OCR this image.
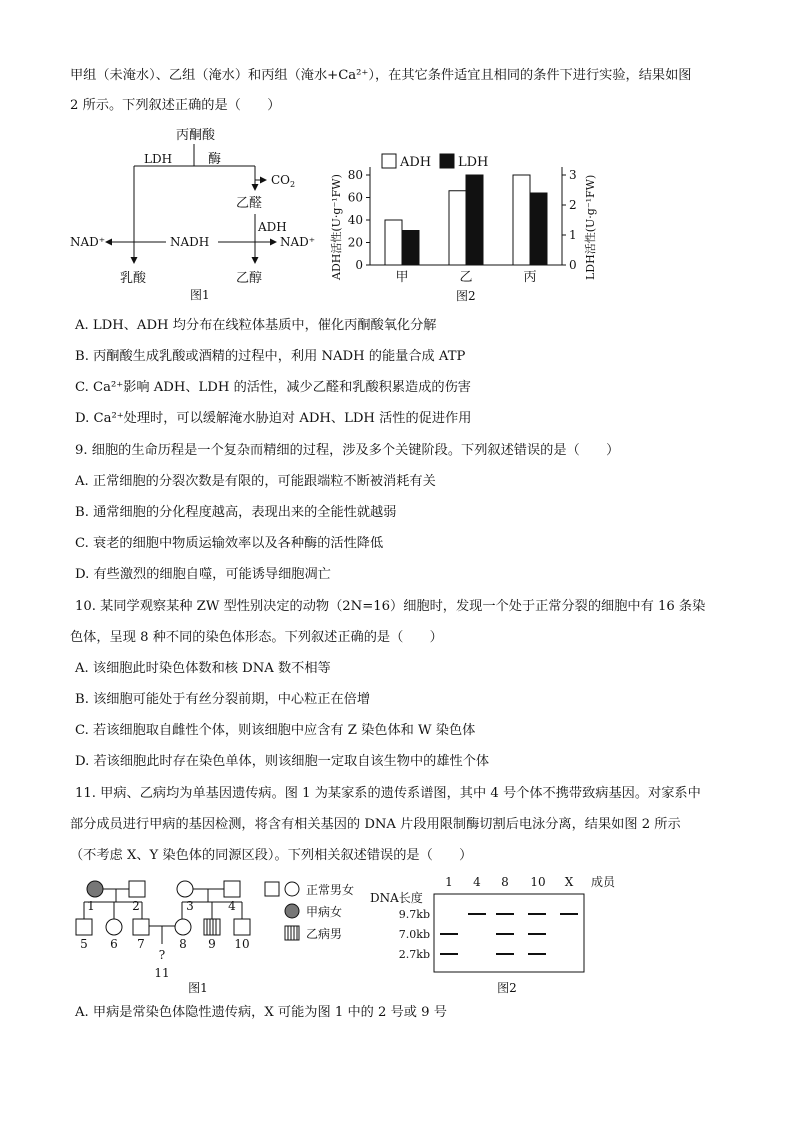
甲组（未淹水）、乙组（淹水）和丙组（淹水+Ca²⁺），在其它条件适宜且相同的条件下进行实验，结果如图
2 所示。下列叙述正确的是（　　）
丙酮酸
LDH	酶
$CO_2$
乙醛
ADH
NAD⁺	NADH	NAD⁺
乳酸	乙醇
图1
ADH活性(U·g⁻¹FW)	LDH活性(U·g⁻¹FW)
ADH LDH
0
20
40
60
80
0
1
2
3
甲	乙	丙
图2
A. LDH、ADH 均分布在线粒体基质中，催化丙酮酸氧化分解
B. 丙酮酸生成乳酸或酒精的过程中，利用 NADH 的能量合成 ATP
C. Ca²⁺影响 ADH、LDH 的活性，减少乙醛和乳酸积累造成的伤害
D. Ca²⁺处理时，可以缓解淹水胁迫对 ADH、LDH 活性的促进作用
9. 细胞的生命历程是一个复杂而精细的过程，涉及多个关键阶段。下列叙述错误的是（　　）
A. 正常细胞的分裂次数是有限的，可能跟端粒不断被消耗有关
B. 通常细胞的分化程度越高，表现出来的全能性就越弱
C. 衰老的细胞中物质运输效率以及各种酶的活性降低
D. 有些激烈的细胞自噬，可能诱导细胞凋亡
10. 某同学观察某种 ZW 型性别决定的动物（2N=16）细胞时，发现一个处于正常分裂的细胞中有 16 条染
色体，呈现 8 种不同的染色体形态。下列叙述正确的是（　　）
A. 该细胞此时染色体数和核 DNA 数不相等
B. 该细胞可能处于有丝分裂前期，中心粒正在倍增
C. 若该细胞取自雌性个体，则该细胞中应含有 Z 染色体和 W 染色体
D. 若该细胞此时存在染色单体，则该细胞一定取自该生物中的雄性个体
11. 甲病、乙病均为单基因遗传病。图 1 为某家系的遗传系谱图，其中 4 号个体不携带致病基因。对家系中
部分成员进行甲病的基因检测，将含有相关基因的 DNA 片段用限制酶切割后电泳分离，结果如图 2 所示
（不考虑 X、Y 染色体的同源区段）。下列相关叙述错误的是（　　）
1	2	3	4
5 6 7	8 9 10
?
11
图1
正常男女
甲病女
乙病男
1 4 8 10 X
图2
成员
DNA长度
9.7kb
7.0kb
2.7kb
A. 甲病是常染色体隐性遗传病，X 可能为图 1 中的 2 号或 9 号
